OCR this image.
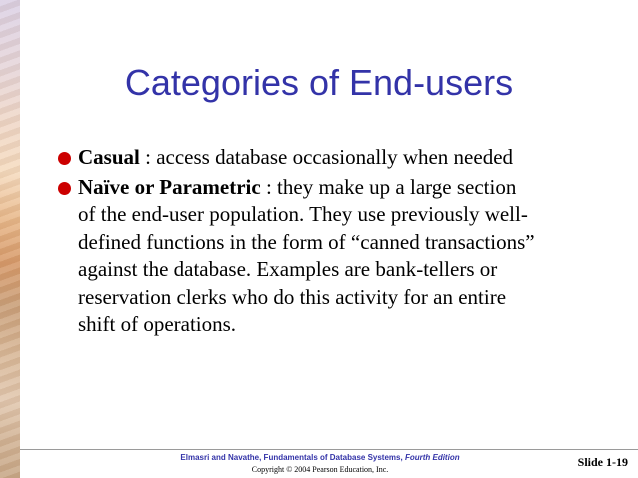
Categories of End-users
Casual : access database occasionally when needed
Naïve or Parametric : they make up a large section of the end-user population. They use previously well-defined functions in the form of “canned transactions” against the database. Examples are bank-tellers or reservation clerks who do this activity for an entire shift of operations.
Elmasri and Navathe, Fundamentals of Database Systems, Fourth Edition
Copyright © 2004 Pearson Education, Inc.
Slide 1-19
